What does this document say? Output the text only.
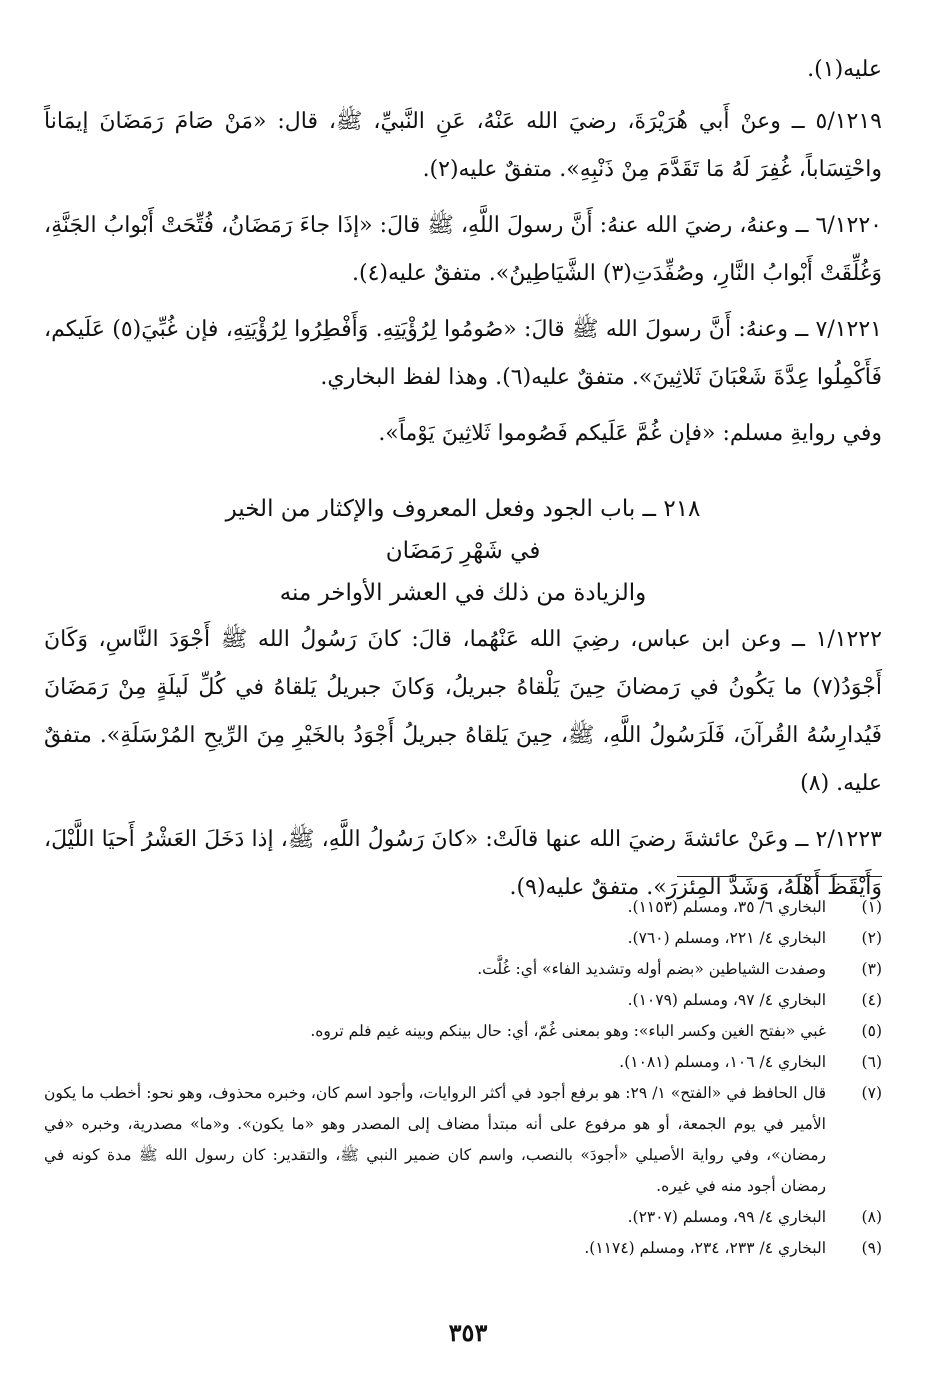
عليه(١).

٥/١٢١٩ ــ وعنْ أَبي هُرَيْرَةَ، رضيَ الله عَنْهُ، عَنِ النَّبيِّ، ﷺ، قال: «مَنْ صَامَ رَمَضَانَ إيمَاناً واحْتِسَاباً، غُفِرَ لَهُ مَا تَقَدَّمَ مِنْ ذَنْبِهِ». متفقٌ عليه(٢).

٦/١٢٢٠ ــ وعنهُ، رضيَ الله عنهُ: أَنَّ رسولَ اللَّهِ، ﷺ قالَ: «إذَا جاءَ رَمَضَانُ، فُتِّحَتْ أَبْوابُ الجَنَّةِ، وَغُلِّقَتْ أَبْوابُ النَّارِ، وصُفِّدَتِ(٣) الشَّيَاطِينُ». متفقٌ عليه(٤).

٧/١٢٢١ ــ وعنهُ: أَنَّ رسولَ الله ﷺ قالَ: «صُومُوا لِرُؤْيَتِهِ. وَأَفْطِرُوا لِرُؤْيَتِهِ، فإن غُبِّيَ(٥) عَلَيكم، فَأَكْمِلُوا عِدَّةَ شَعْبَانَ ثَلاثِينَ». متفقٌ عليه(٦). وهذا لفظ البخاري.

وفي روايةِ مسلم: «فإن غُمَّ عَلَيكم فَصُوموا ثَلاثِينَ يَوْماً».

٢١٨ ــ باب الجود وفعل المعروف والإكثار من الخير
في شَهْرِ رَمَضَان
والزيادة من ذلك في العشر الأواخر منه

١/١٢٢٢ ــ وعن ابن عباس، رضِيَ الله عَنْهُما، قالَ: كانَ رَسُولُ الله ﷺ أَجْوَدَ النَّاسِ، وَكَانَ أَجْوَدُ(٧) ما يَكُونُ في رَمضانَ حِينَ يَلْقاهُ جبريلُ، وَكانَ جبريلُ يَلقاهُ في كُلِّ لَيلَةٍ مِنْ رَمَضَانَ فَيُدارِسُهُ القُرآنَ، فَلَرَسُولُ اللَّهِ، ﷺ، حِينَ يَلقاهُ جبريلُ أَجْوَدُ بالخَيْرِ مِنَ الرِّيحِ المُرْسَلَةِ». متفقٌ عليه. (٨)

٢/١٢٢٣ ــ وعَنْ عائشةَ رضيَ الله عنها قالَتْ: «كانَ رَسُولُ اللَّهِ، ﷺ، إذا دَخَلَ العَشْرُ أَحيَا اللَّيْلَ، وَأَيْقَظَ أَهْلَهُ، وَشَدَّ المِئزرَ». متفقٌ عليه(٩).

(١)
البخاري ٦/ ٣٥، ومسلم (١١٥٣).
(٢)
البخاري ٤/ ٢٢١، ومسلم (٧٦٠).
(٣)
وصفدت الشياطين «بضم أوله وتشديد الفاء» أي: غُلَّت.
(٤)
البخاري ٤/ ٩٧، ومسلم (١٠٧٩).
(٥)
غبي «بفتح الغين وكسر الباء»: وهو بمعنى غُمّ، أي: حال بينكم وبينه غيم فلم تروه.
(٦)
البخاري ٤/ ١٠٦، ومسلم (١٠٨١).
(٧)
قال الحافظ في «الفتح» ١/ ٢٩: هو برفع أجود في أكثر الروايات، وأجود اسم كان، وخبره محذوف، وهو نحو: أخطب ما يكون الأمير في يوم الجمعة، أو هو مرفوع على أنه مبتدأ مضاف إلى المصدر وهو «ما يكون». و«ما» مصدرية، وخبره «في رمضان»، وفي رواية الأصيلي «أجودَ» بالنصب، واسم كان ضمير النبي ﷺ، والتقدير: كان رسول الله ﷺ مدة كونه في رمضان أجود منه في غيره.
(٨)
البخاري ٤/ ٩٩، ومسلم (٢٣٠٧).
(٩)
البخاري ٤/ ٢٣٣، ٢٣٤، ومسلم (١١٧٤).
٣٥٣
